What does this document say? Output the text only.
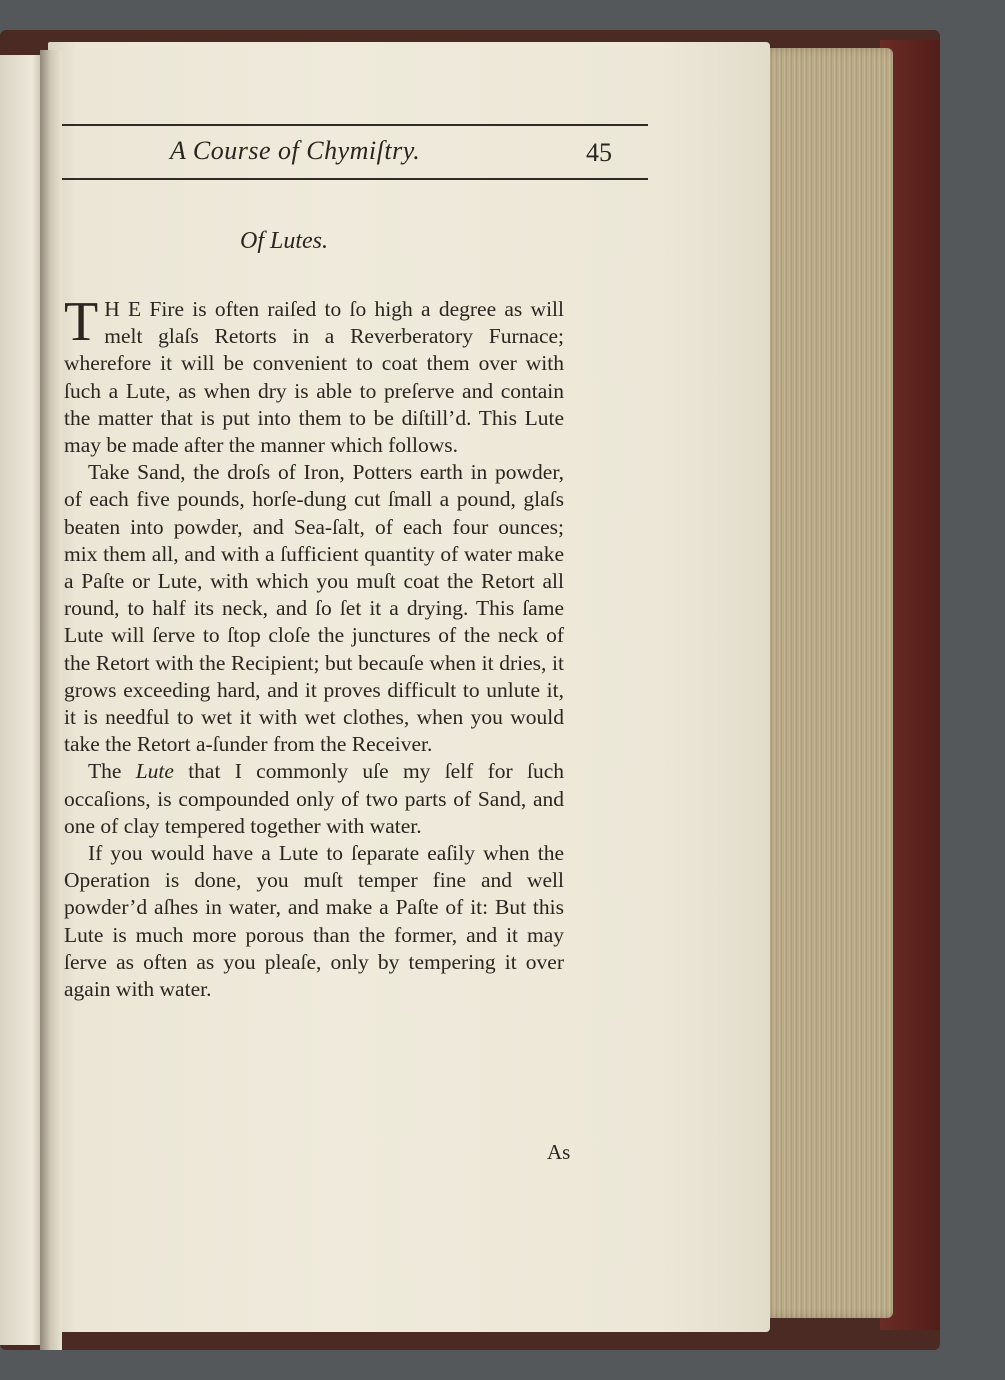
A Course of Chymiſtry.	45
Of Lutes.

T H E Fire is often raiſed to ſo high a degree as will melt glaſs Retorts in a Reverberatory Furnace; wherefore it will be convenient to coat them over with ſuch a Lute, as when dry is able to preſerve and contain the matter that is put into them to be diſtill’d. This Lute may be made after the manner which follows.

Take Sand, the droſs of Iron, Potters earth in powder, of each five pounds, horſe-dung cut ſmall a pound, glaſs beaten into powder, and Sea-ſalt, of each four ounces; mix them all, and with a ſufficient quantity of water make a Paſte or Lute, with which you muſt coat the Retort all round, to half its neck, and ſo ſet it a drying. This ſame Lute will ſerve to ſtop cloſe the junctures of the neck of the Retort with the Recipient; but becauſe when it dries, it grows exceeding hard, and it proves difficult to unlute it, it is needful to wet it with wet clothes, when you would take the Retort a-ſunder from the Receiver.

The Lute that I commonly uſe my ſelf for ſuch occaſions, is compounded only of two parts of Sand, and one of clay tempered together with water.

If you would have a Lute to ſeparate eaſily when the Operation is done, you muſt temper fine and well powder’d aſhes in water, and make a Paſte of it: But this Lute is much more porous than the former, and it may ſerve as often as you pleaſe, only by tempering it over again with water.

As
